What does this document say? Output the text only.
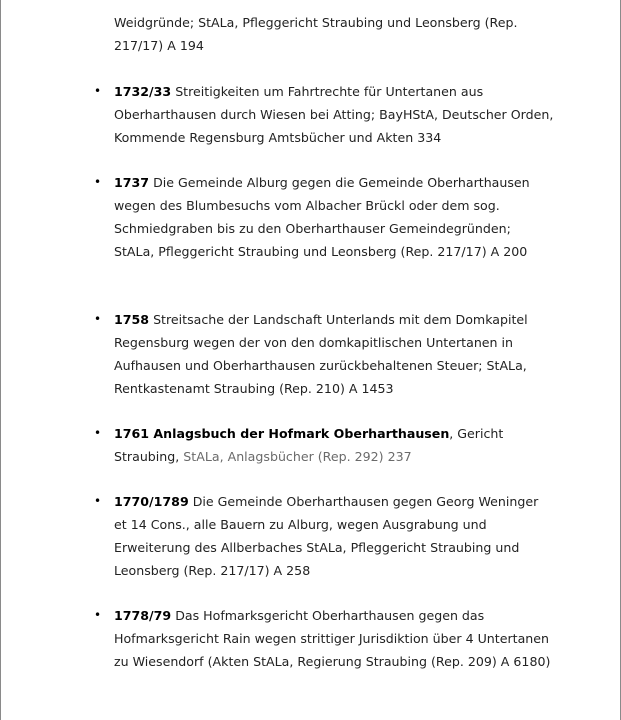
Weidgründe; StALa, Pfleggericht Straubing und Leonsberg (Rep. 217/17) A 194

• 1732/33 Streitigkeiten um Fahrtrechte für Untertanen aus Oberharthausen durch Wiesen bei Atting; BayHStA, Deutscher Orden, Kommende Regensburg Amtsbücher und Akten 334
• 1737 Die Gemeinde Alburg gegen die Gemeinde Oberharthausen wegen des Blumbesuchs vom Albacher Brückl oder dem sog. Schmiedgraben bis zu den Oberharthauser Gemeindegründen; StALa, Pfleggericht Straubing und Leonsberg (Rep. 217/17) A 200
• 1758 Streitsache der Landschaft Unterlands mit dem Domkapitel Regensburg wegen der von den domkapitlischen Untertanen in Aufhausen und Oberharthausen zurückbehaltenen Steuer; StALa, Rentkastenamt Straubing (Rep. 210) A 1453
• 1761 Anlagsbuch der Hofmark Oberharthausen, Gericht Straubing, StALa, Anlagsbücher (Rep. 292) 237
• 1770/1789 Die Gemeinde Oberharthausen gegen Georg Weninger et 14 Cons., alle Bauern zu Alburg, wegen Ausgrabung und Erweiterung des Allberbaches StALa, Pfleggericht Straubing und Leonsberg (Rep. 217/17) A 258
• 1778/79 Das Hofmarksgericht Oberharthausen gegen das Hofmarksgericht Rain wegen strittiger Jurisdiktion über 4 Untertanen zu Wiesendorf (Akten StALa, Regierung Straubing (Rep. 209) A 6180)
